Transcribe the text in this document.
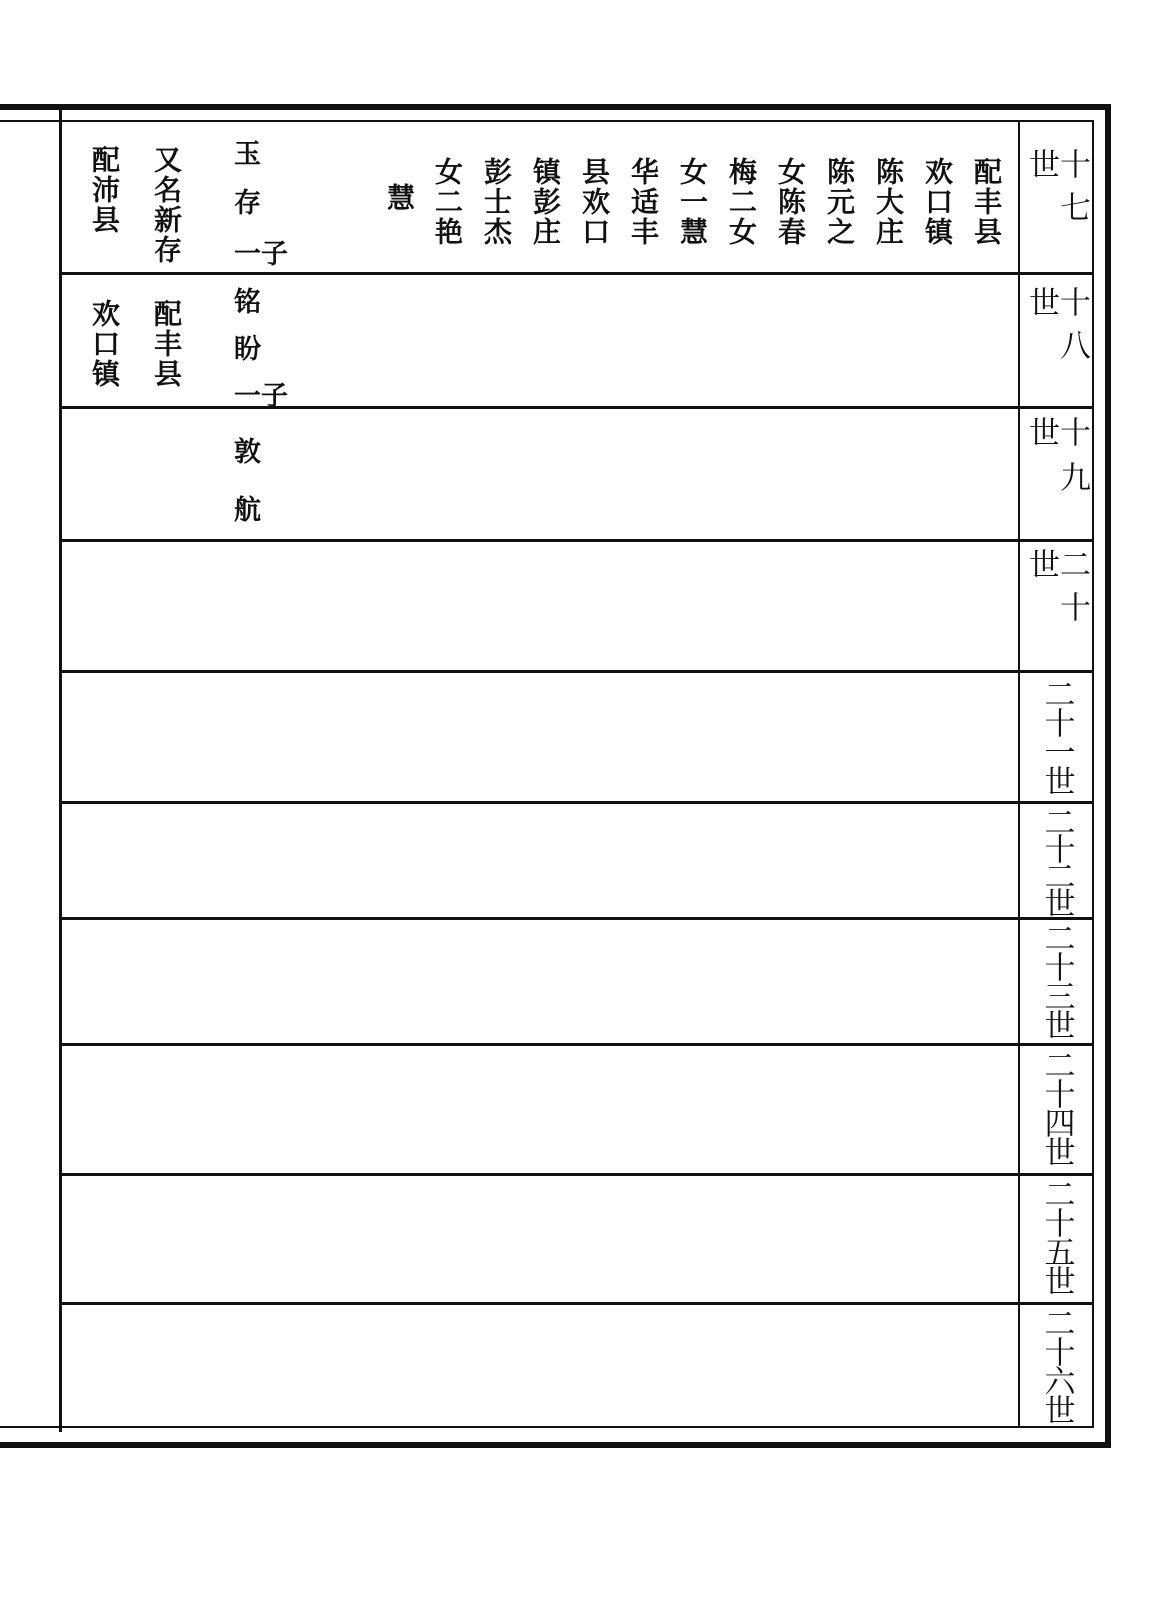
十七世
十八世
十九世
二十世
二十一世
二十二世
二十三世
二十四世
二十五世
二十六世
配丰县
欢口镇
陈大庄
陈元之
女陈春
梅二女
女一慧
华适丰
县欢口
镇彭庄
彭士杰
女二艳
慧
玉
存
一子
又名新存
配沛县
铭
盼
一子
配丰县
欢口镇
敦
航
